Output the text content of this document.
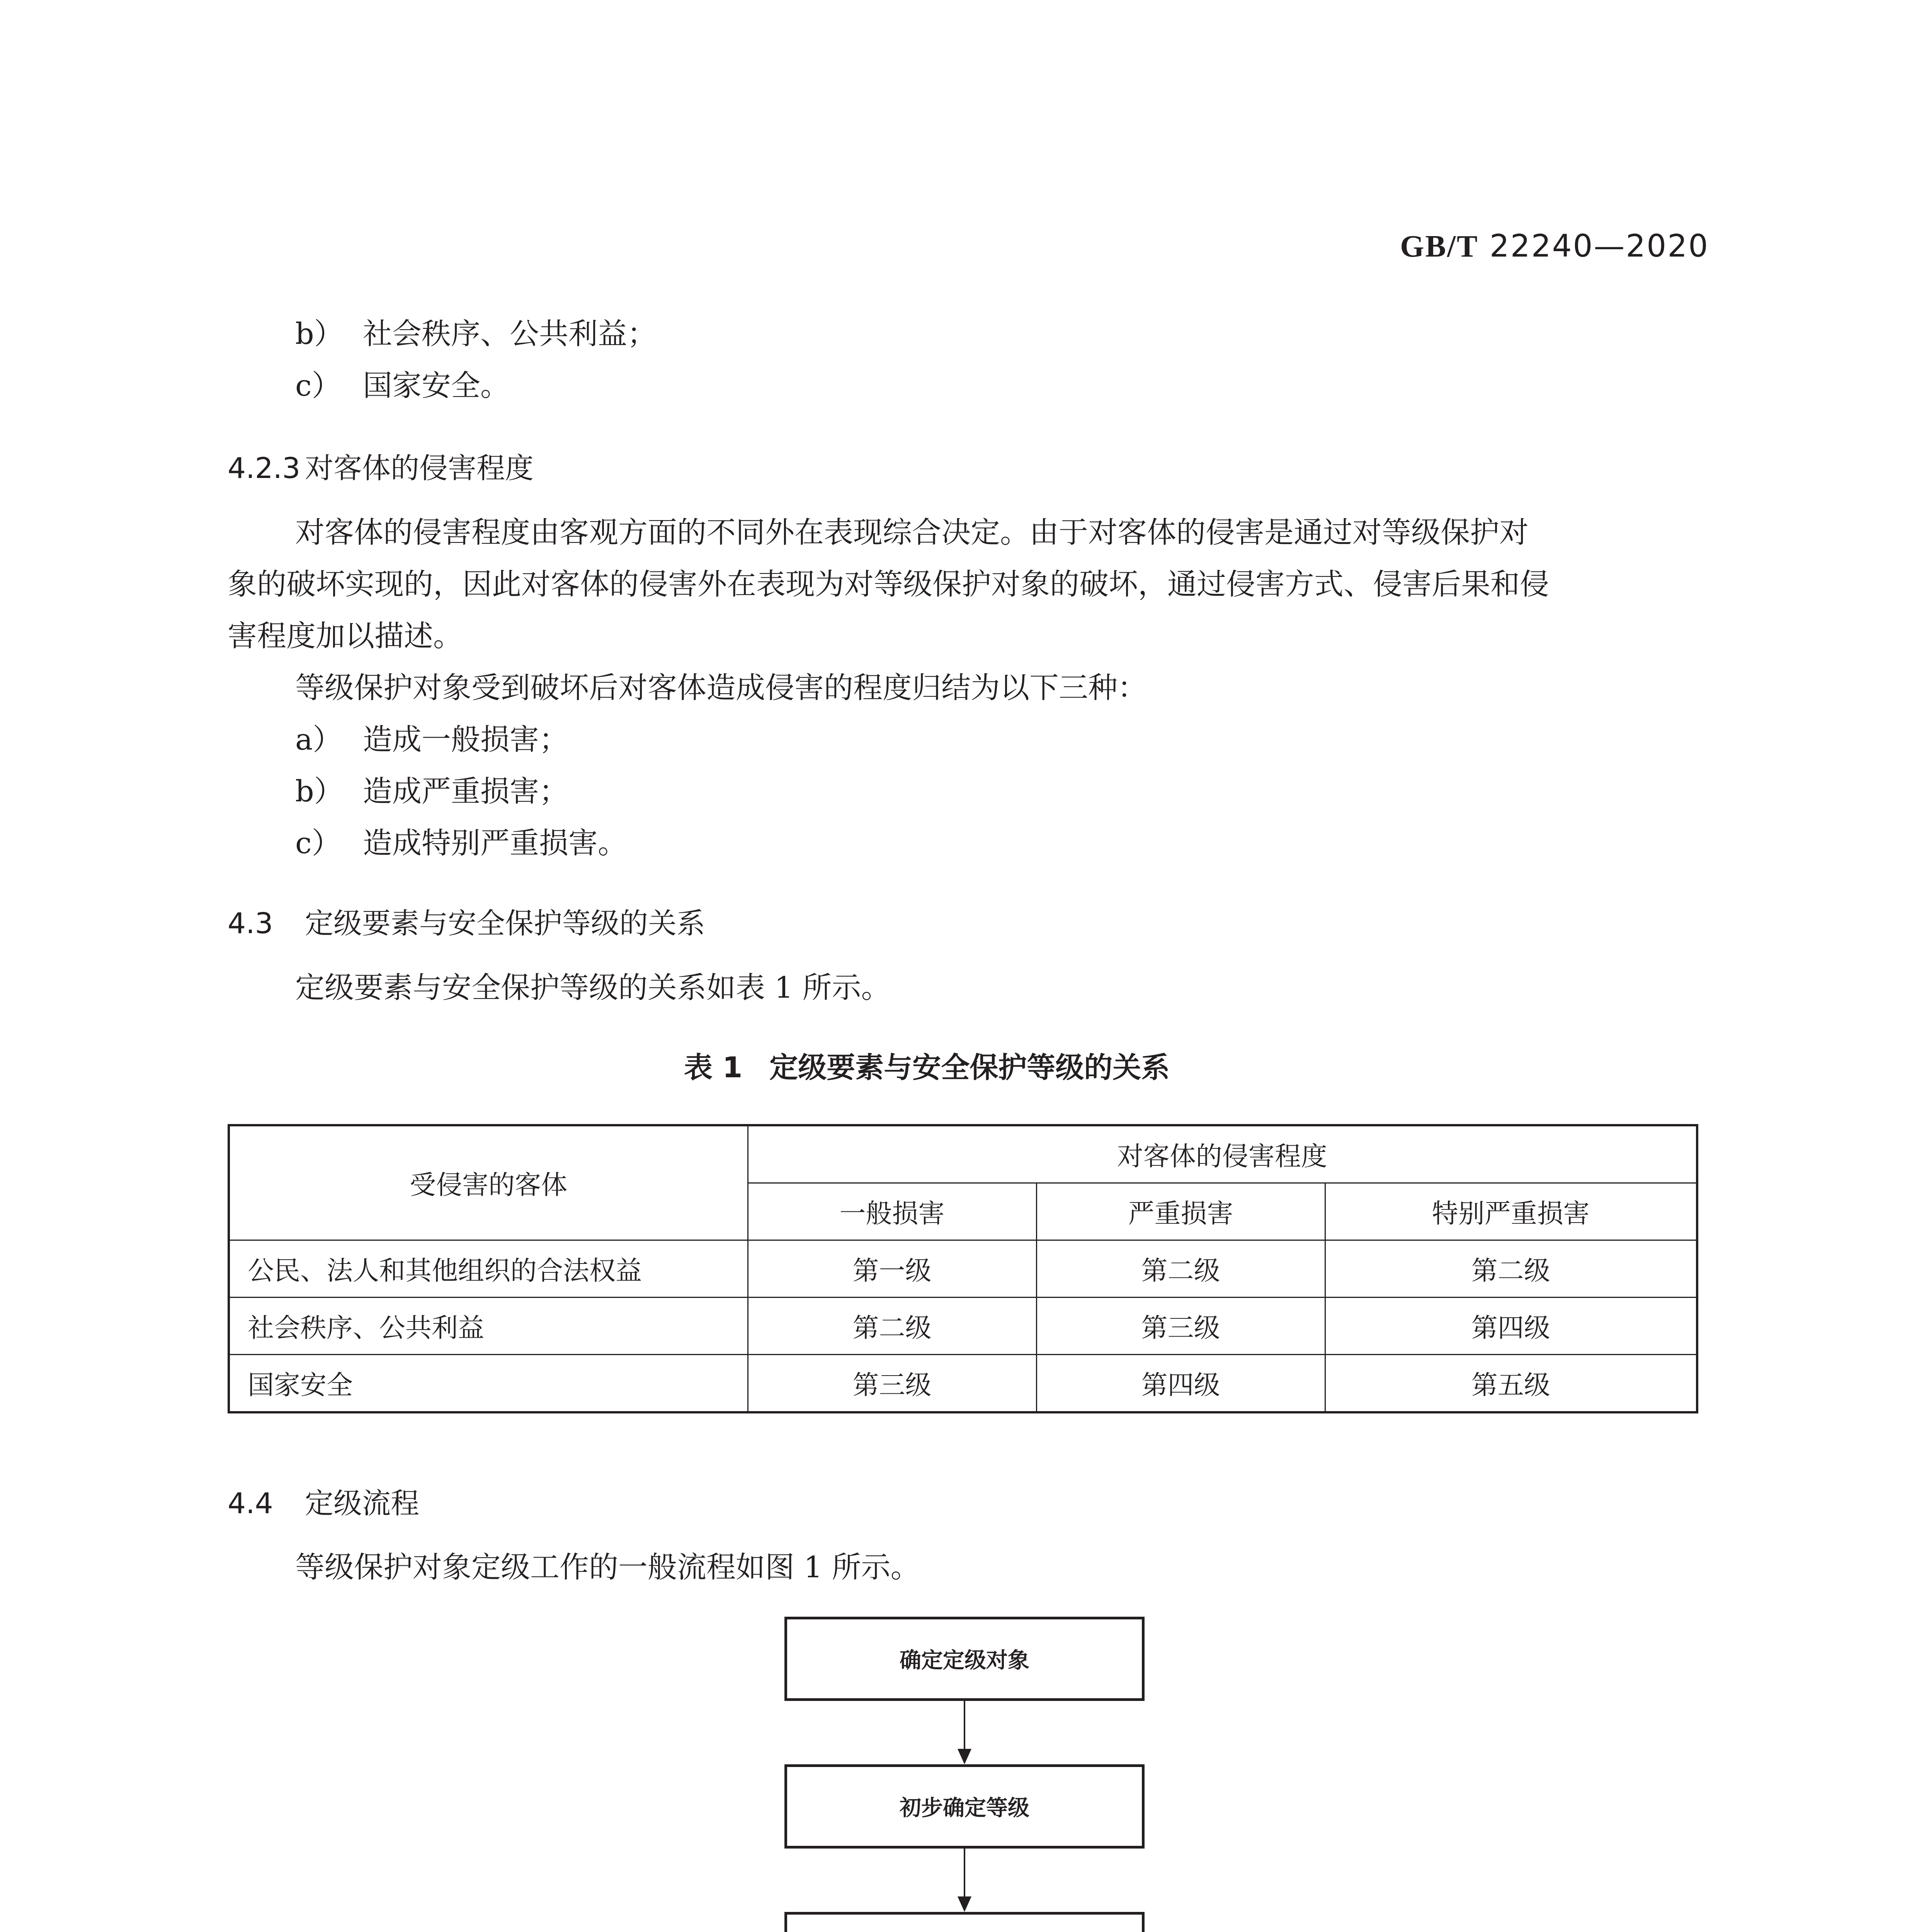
GB/T 22240—2020
b） 社会秩序、公共利益；
c） 国家安全。
4.2.3 对客体的侵害程度
对客体的侵害程度由客观方面的不同外在表现综合决定。由于对客体的侵害是通过对等级保护对
象的破坏实现的，因此对客体的侵害外在表现为对等级保护对象的破坏，通过侵害方式、侵害后果和侵
害程度加以描述。
等级保护对象受到破坏后对客体造成侵害的程度归结为以下三种：
a） 造成一般损害；
b） 造成严重损害；
c） 造成特别严重损害。
4.3 定级要素与安全保护等级的关系
定级要素与安全保护等级的关系如表 1 所示。
表 1 定级要素与安全保护等级的关系
受侵害的客体	对客体的侵害程度		
	一般损害	严重损害	特别严重损害
公民、法人和其他组织的合法权益	第一级	第二级	第二级
社会秩序、公共利益	第二级	第三级	第四级
国家安全	第三级	第四级	第五级
4.4 定级流程
等级保护对象定级工作的一般流程如图 1 所示。
确定定级对象
初步确定等级
